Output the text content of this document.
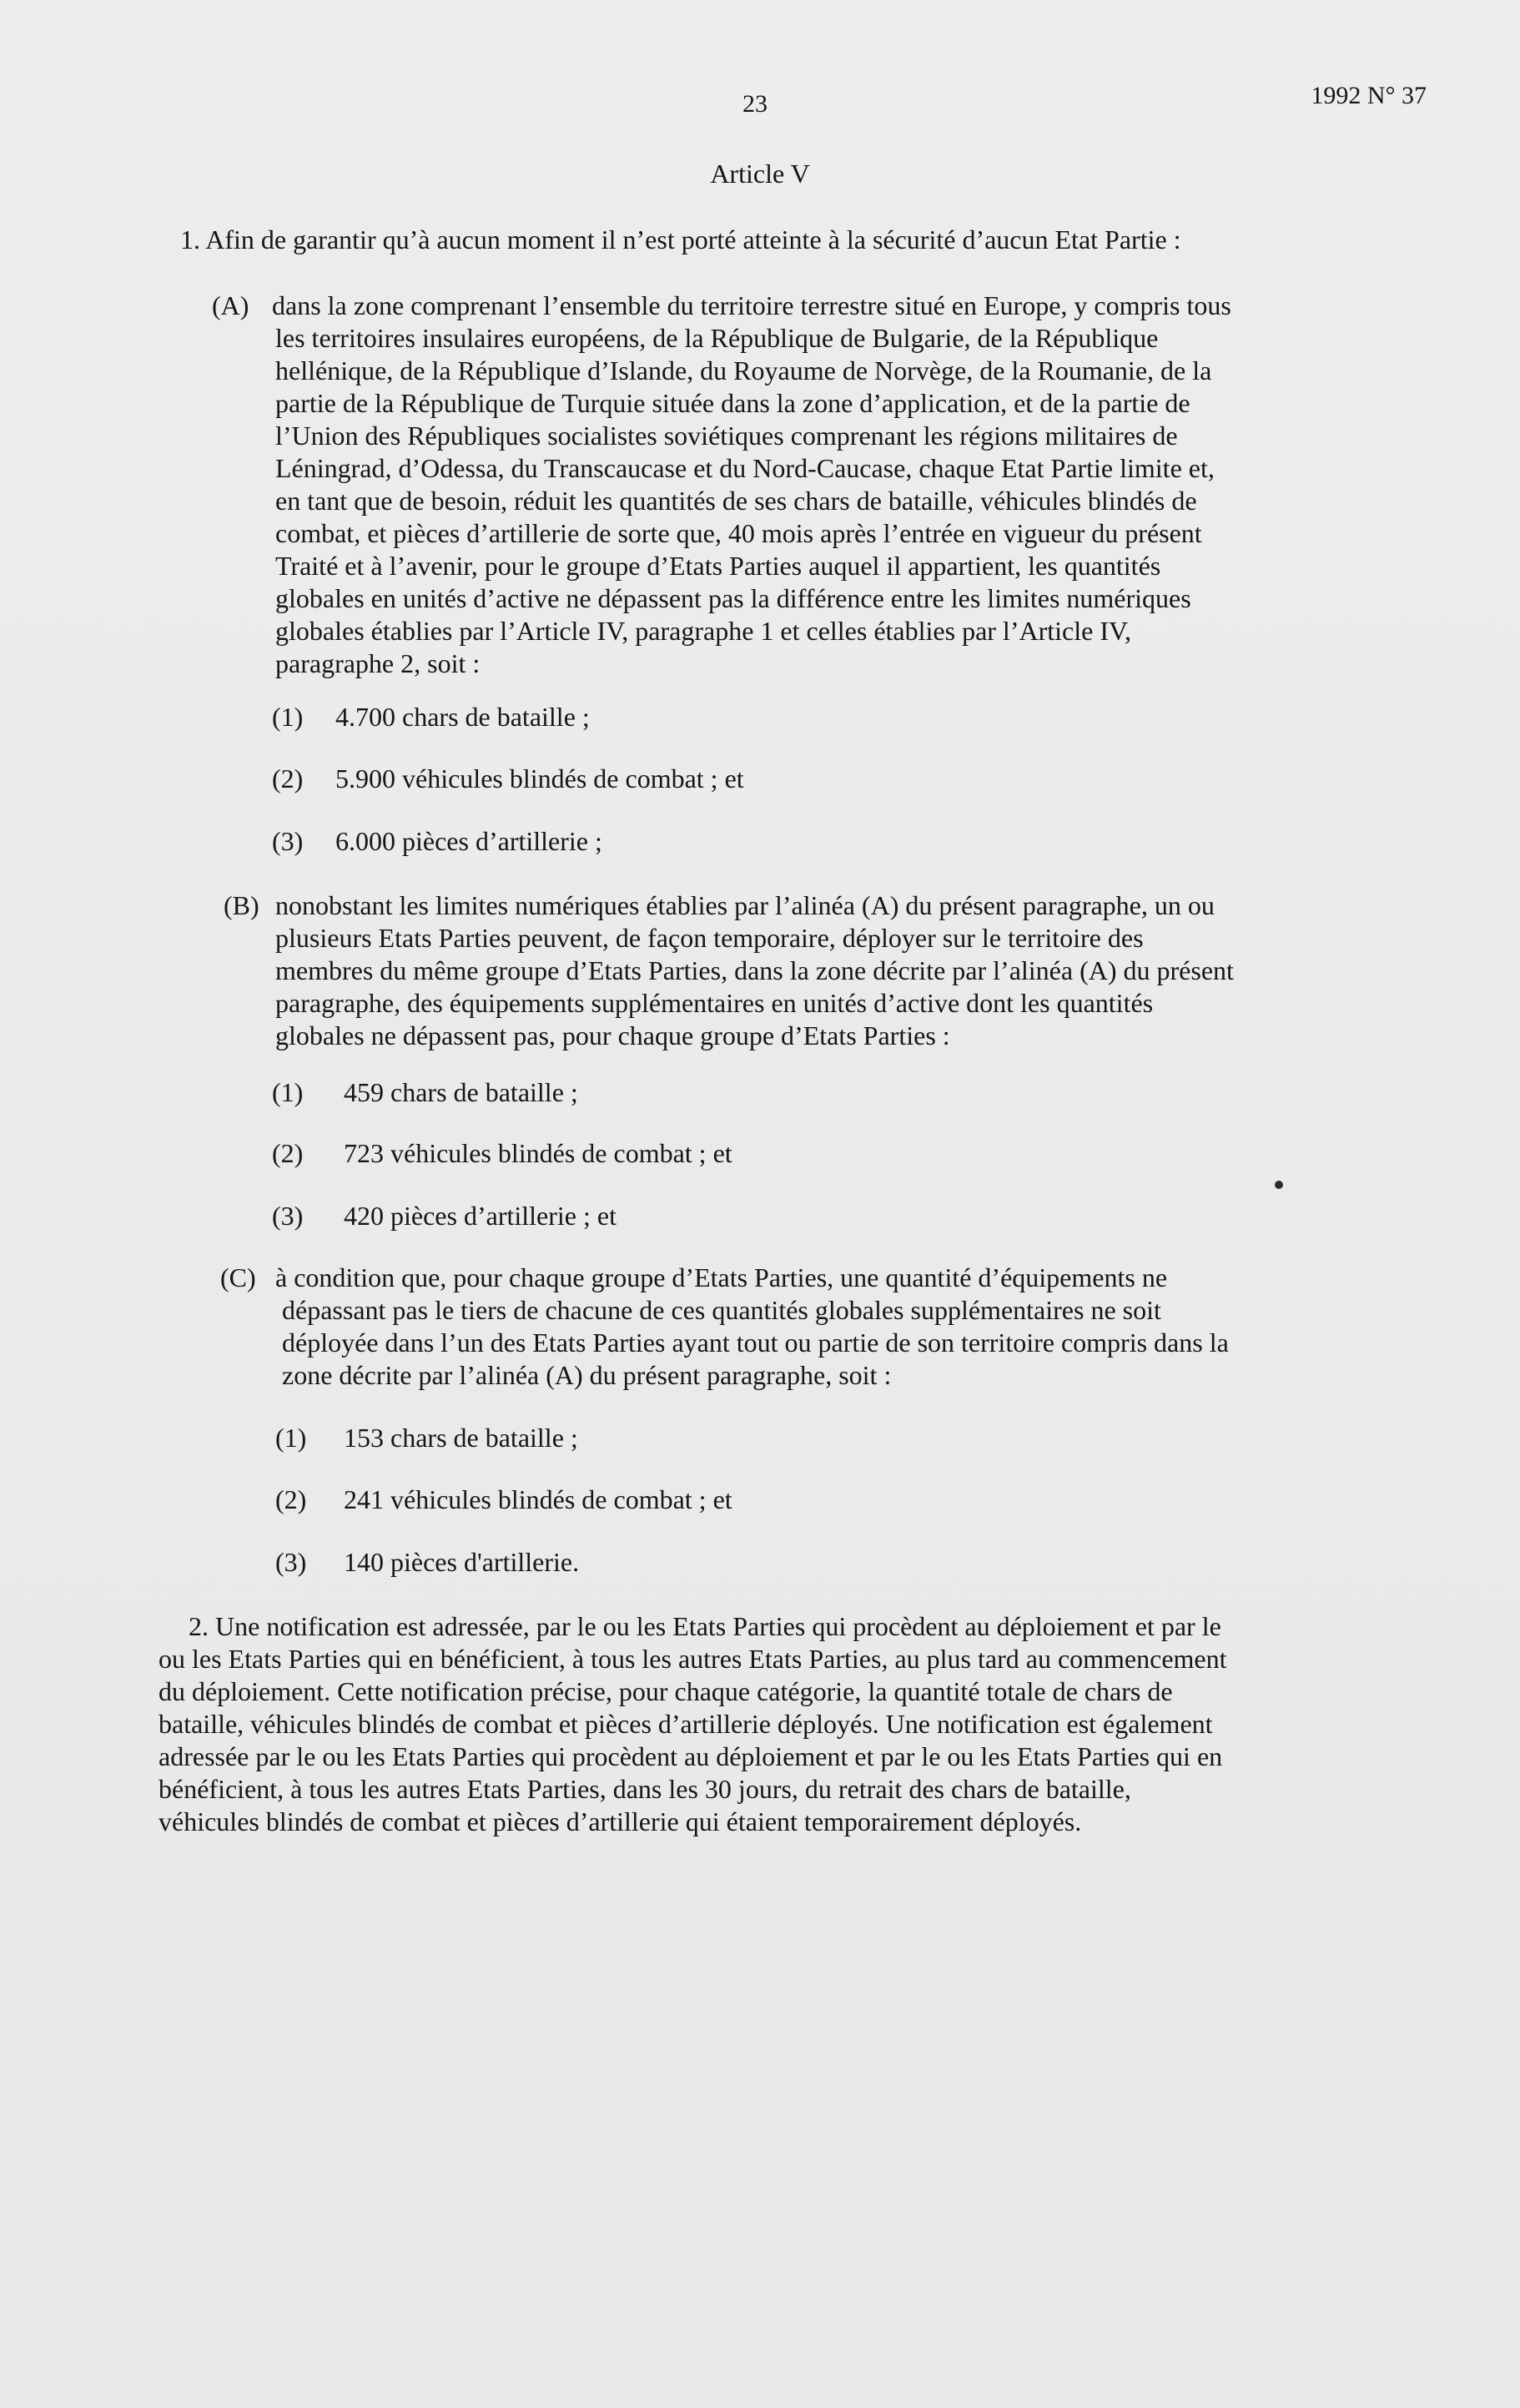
23	1992 N° 37
Article V
1. Afin de garantir qu’à aucun moment il n’est porté atteinte à la sécurité d’aucun Etat Partie :
(A) dans la zone comprenant l’ensemble du territoire terrestre situé en Europe, y compris tous
les territoires insulaires européens, de la République de Bulgarie, de la République
hellénique, de la République d’Islande, du Royaume de Norvège, de la Roumanie, de la
partie de la République de Turquie située dans la zone d’application, et de la partie de
l’Union des Républiques socialistes soviétiques comprenant les régions militaires de
Léningrad, d’Odessa, du Transcaucase et du Nord-Caucase, chaque Etat Partie limite et,
en tant que de besoin, réduit les quantités de ses chars de bataille, véhicules blindés de
combat, et pièces d’artillerie de sorte que, 40 mois après l’entrée en vigueur du présent
Traité et à l’avenir, pour le groupe d’Etats Parties auquel il appartient, les quantités
globales en unités d’active ne dépassent pas la différence entre les limites numériques
globales établies par l’Article IV, paragraphe 1 et celles établies par l’Article IV,
paragraphe 2, soit :
(1) 4.700 chars de bataille ;
(2) 5.900 véhicules blindés de combat ; et
(3) 6.000 pièces d’artillerie ;
(B) nonobstant les limites numériques établies par l’alinéa (A) du présent paragraphe, un ou
plusieurs Etats Parties peuvent, de façon temporaire, déployer sur le territoire des
membres du même groupe d’Etats Parties, dans la zone décrite par l’alinéa (A) du présent
paragraphe, des équipements supplémentaires en unités d’active dont les quantités
globales ne dépassent pas, pour chaque groupe d’Etats Parties :
(1) 459 chars de bataille ;
(2) 723 véhicules blindés de combat ; et
(3) 420 pièces d’artillerie ; et
(C) à condition que, pour chaque groupe d’Etats Parties, une quantité d’équipements ne
dépassant pas le tiers de chacune de ces quantités globales supplémentaires ne soit
déployée dans l’un des Etats Parties ayant tout ou partie de son territoire compris dans la
zone décrite par l’alinéa (A) du présent paragraphe, soit :
(1) 153 chars de bataille ;
(2) 241 véhicules blindés de combat ; et
(3) 140 pièces d'artillerie.
2. Une notification est adressée, par le ou les Etats Parties qui procèdent au déploiement et par le
ou les Etats Parties qui en bénéficient, à tous les autres Etats Parties, au plus tard au commencement
du déploiement. Cette notification précise, pour chaque catégorie, la quantité totale de chars de
bataille, véhicules blindés de combat et pièces d’artillerie déployés. Une notification est également
adressée par le ou les Etats Parties qui procèdent au déploiement et par le ou les Etats Parties qui en
bénéficient, à tous les autres Etats Parties, dans les 30 jours, du retrait des chars de bataille,
véhicules blindés de combat et pièces d’artillerie qui étaient temporairement déployés.
